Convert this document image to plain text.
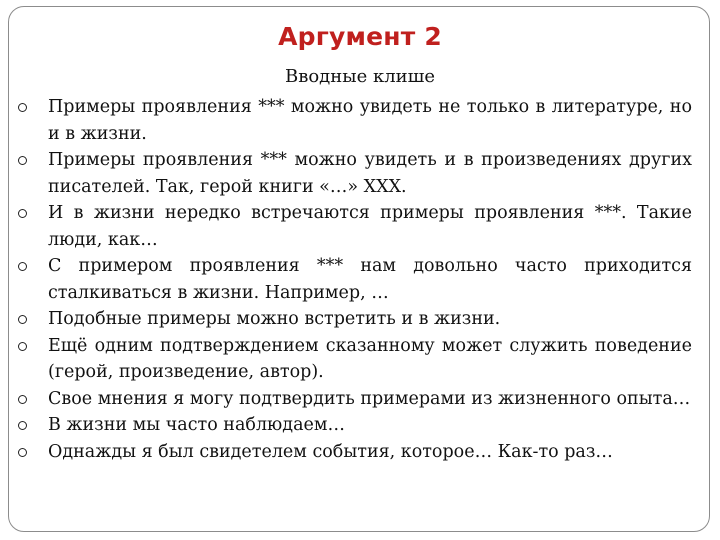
Аргумент 2
Вводные клише
Примеры проявления *** можно увидеть не только в литературе, но и в жизни.
Примеры проявления *** можно увидеть и в произведениях других писателей. Так, герой книги «…» ХХХ.
И в жизни нередко встречаются примеры проявления ***. Такие люди, как…
С примером проявления *** нам довольно часто приходится сталкиваться в жизни. Например, …
Подобные примеры можно встретить и в жизни.
Ещё одним подтверждением сказанному может служить поведение (герой, произведение, автор).
Свое мнения я могу подтвердить примерами из жизненного опыта…
В жизни мы часто наблюдаем…
Однажды я был свидетелем события, которое… Как-то раз…
